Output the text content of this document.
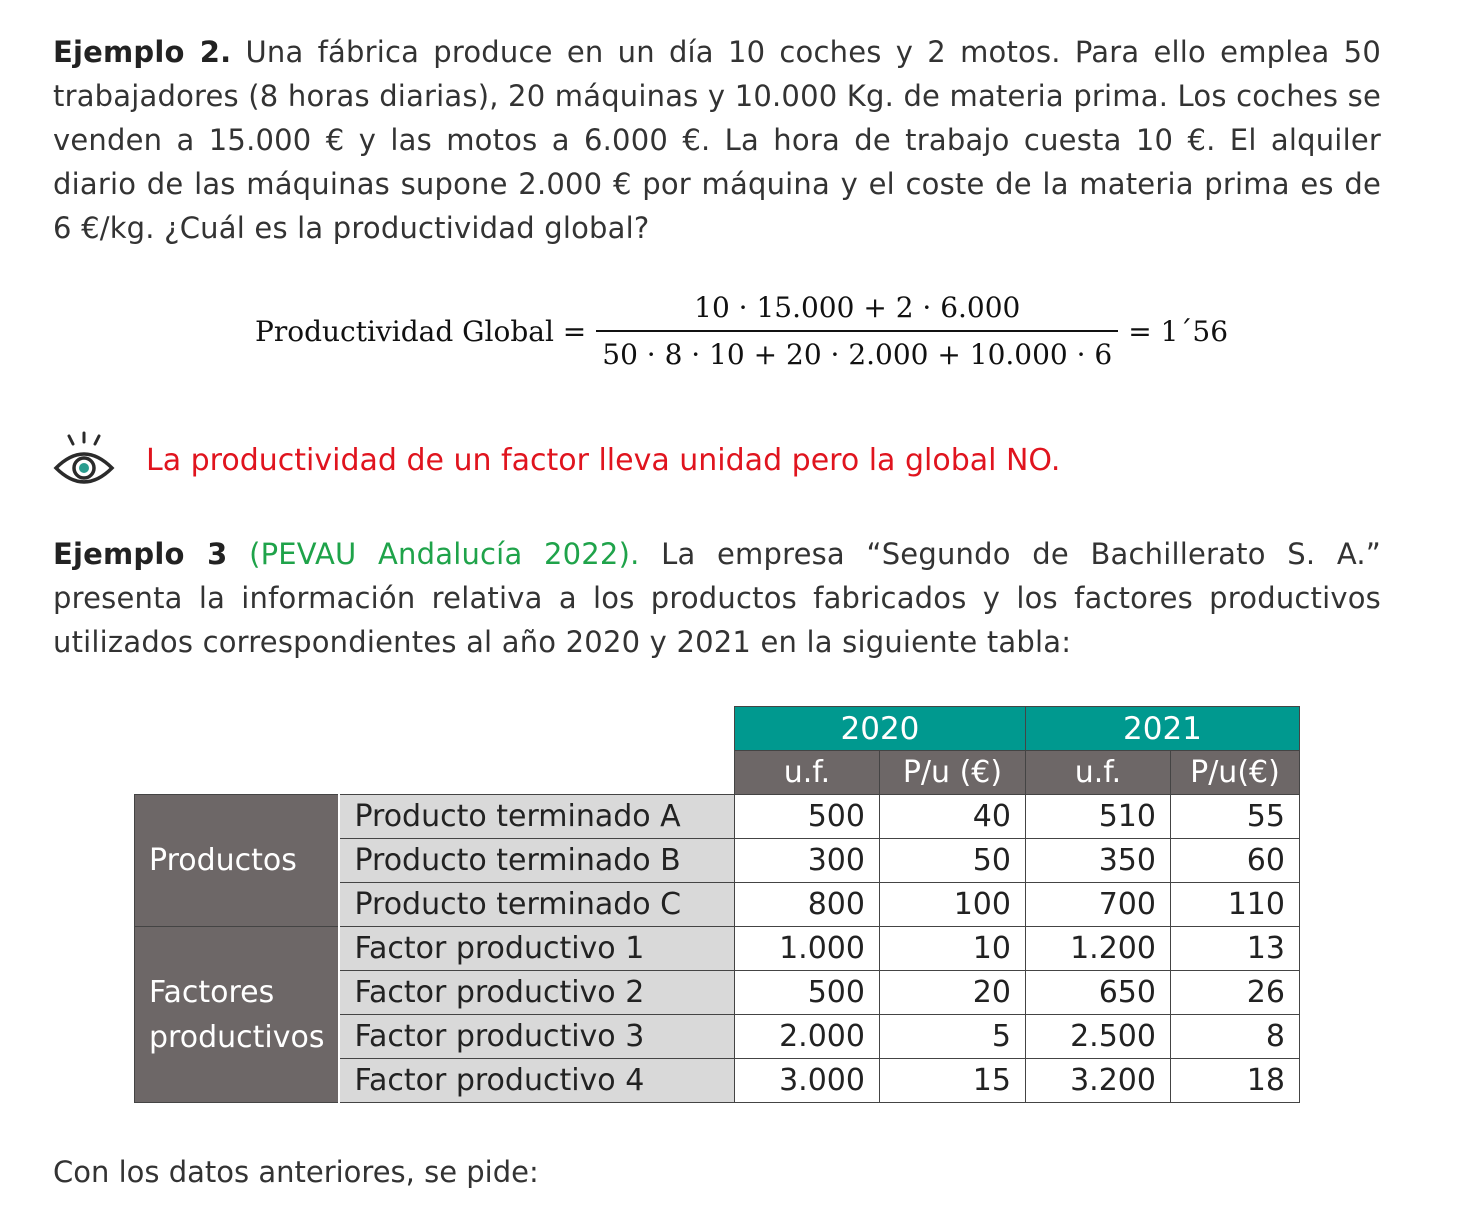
Ejemplo 2. Una fábrica produce en un día 10 coches y 2 motos. Para ello emplea 50 trabajadores (8 horas diarias), 20 máquinas y 10.000 Kg. de materia prima. Los coches se venden a 15.000 € y las motos a 6.000 €. La hora de trabajo cuesta 10 €. El alquiler diario de las máquinas supone 2.000 € por máquina y el coste de la materia prima es de 6 €/kg. ¿Cuál es la productividad global?
Productividad Global = $\frac{10 \cdot 15.000 + 2 \cdot 6.000}{50 \cdot 8 \cdot 10 + 20 \cdot 2.000 + 10.000 \cdot 6}$ = 1´56
La productividad de un factor lleva unidad pero la global NO.
Ejemplo 3 (PEVAU Andalucía 2022). La empresa “Segundo de Bachillerato S. A.” presenta la información relativa a los productos fabricados y los factores productivos utilizados correspondientes al año 2020 y 2021 en la siguiente tabla:
		2020		2021	
		u.f.	P/u (€)	u.f.	P/u(€)
Productos	Producto terminado A	500	40	510	55
	Producto terminado B	300	50	350	60
	Producto terminado C	800	100	700	110
Factores productivos	Factor productivo 1	1.000	10	1.200	13
	Factor productivo 2	500	20	650	26
	Factor productivo 3	2.000	5	2.500	8
	Factor productivo 4	3.000	15	3.200	18
Con los datos anteriores, se pide:
